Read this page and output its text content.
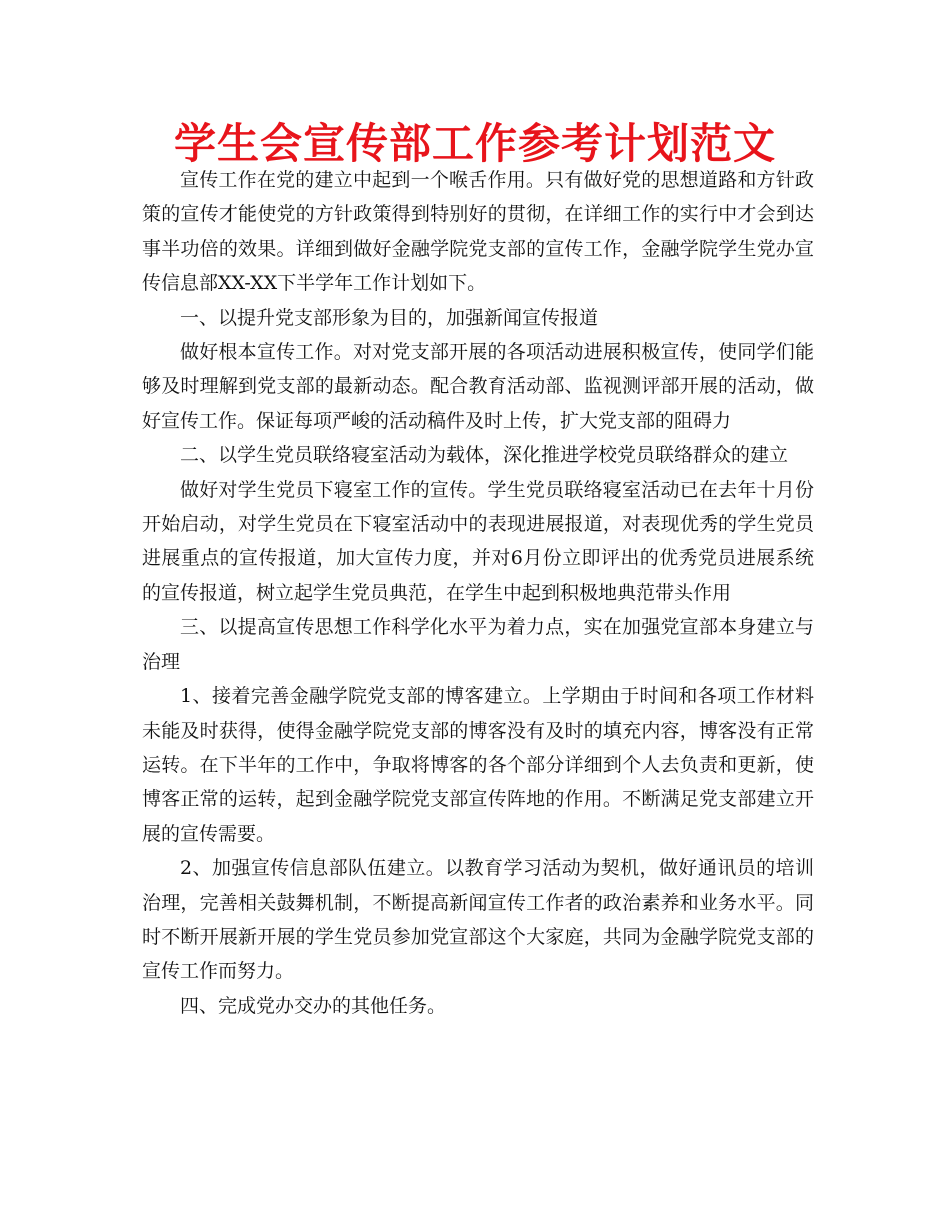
学生会宣传部工作参考计划范文

宣传工作在党的建立中起到一个喉舌作用。只有做好党的思想道路和方针政策的宣传才能使党的方针政策得到特别好的贯彻，在详细工作的实行中才会到达事半功倍的效果。详细到做好金融学院党支部的宣传工作，金融学院学生党办宣传信息部XX-XX下半学年工作计划如下。

一、以提升党支部形象为目的，加强新闻宣传报道

做好根本宣传工作。对对党支部开展的各项活动进展积极宣传，使同学们能够及时理解到党支部的最新动态。配合教育活动部、监视测评部开展的活动，做好宣传工作。保证每项严峻的活动稿件及时上传，扩大党支部的阻碍力

二、以学生党员联络寝室活动为载体，深化推进学校党员联络群众的建立

做好对学生党员下寝室工作的宣传。学生党员联络寝室活动已在去年十月份开始启动，对学生党员在下寝室活动中的表现进展报道，对表现优秀的学生党员进展重点的宣传报道，加大宣传力度，并对6月份立即评出的优秀党员进展系统的宣传报道，树立起学生党员典范，在学生中起到积极地典范带头作用

三、以提高宣传思想工作科学化水平为着力点，实在加强党宣部本身建立与治理

1、接着完善金融学院党支部的博客建立。上学期由于时间和各项工作材料未能及时获得，使得金融学院党支部的博客没有及时的填充内容，博客没有正常运转。在下半年的工作中，争取将博客的各个部分详细到个人去负责和更新，使博客正常的运转，起到金融学院党支部宣传阵地的作用。不断满足党支部建立开展的宣传需要。

2、加强宣传信息部队伍建立。以教育学习活动为契机，做好通讯员的培训治理，完善相关鼓舞机制，不断提高新闻宣传工作者的政治素养和业务水平。同时不断开展新开展的学生党员参加党宣部这个大家庭，共同为金融学院党支部的宣传工作而努力。

四、完成党办交办的其他任务。
